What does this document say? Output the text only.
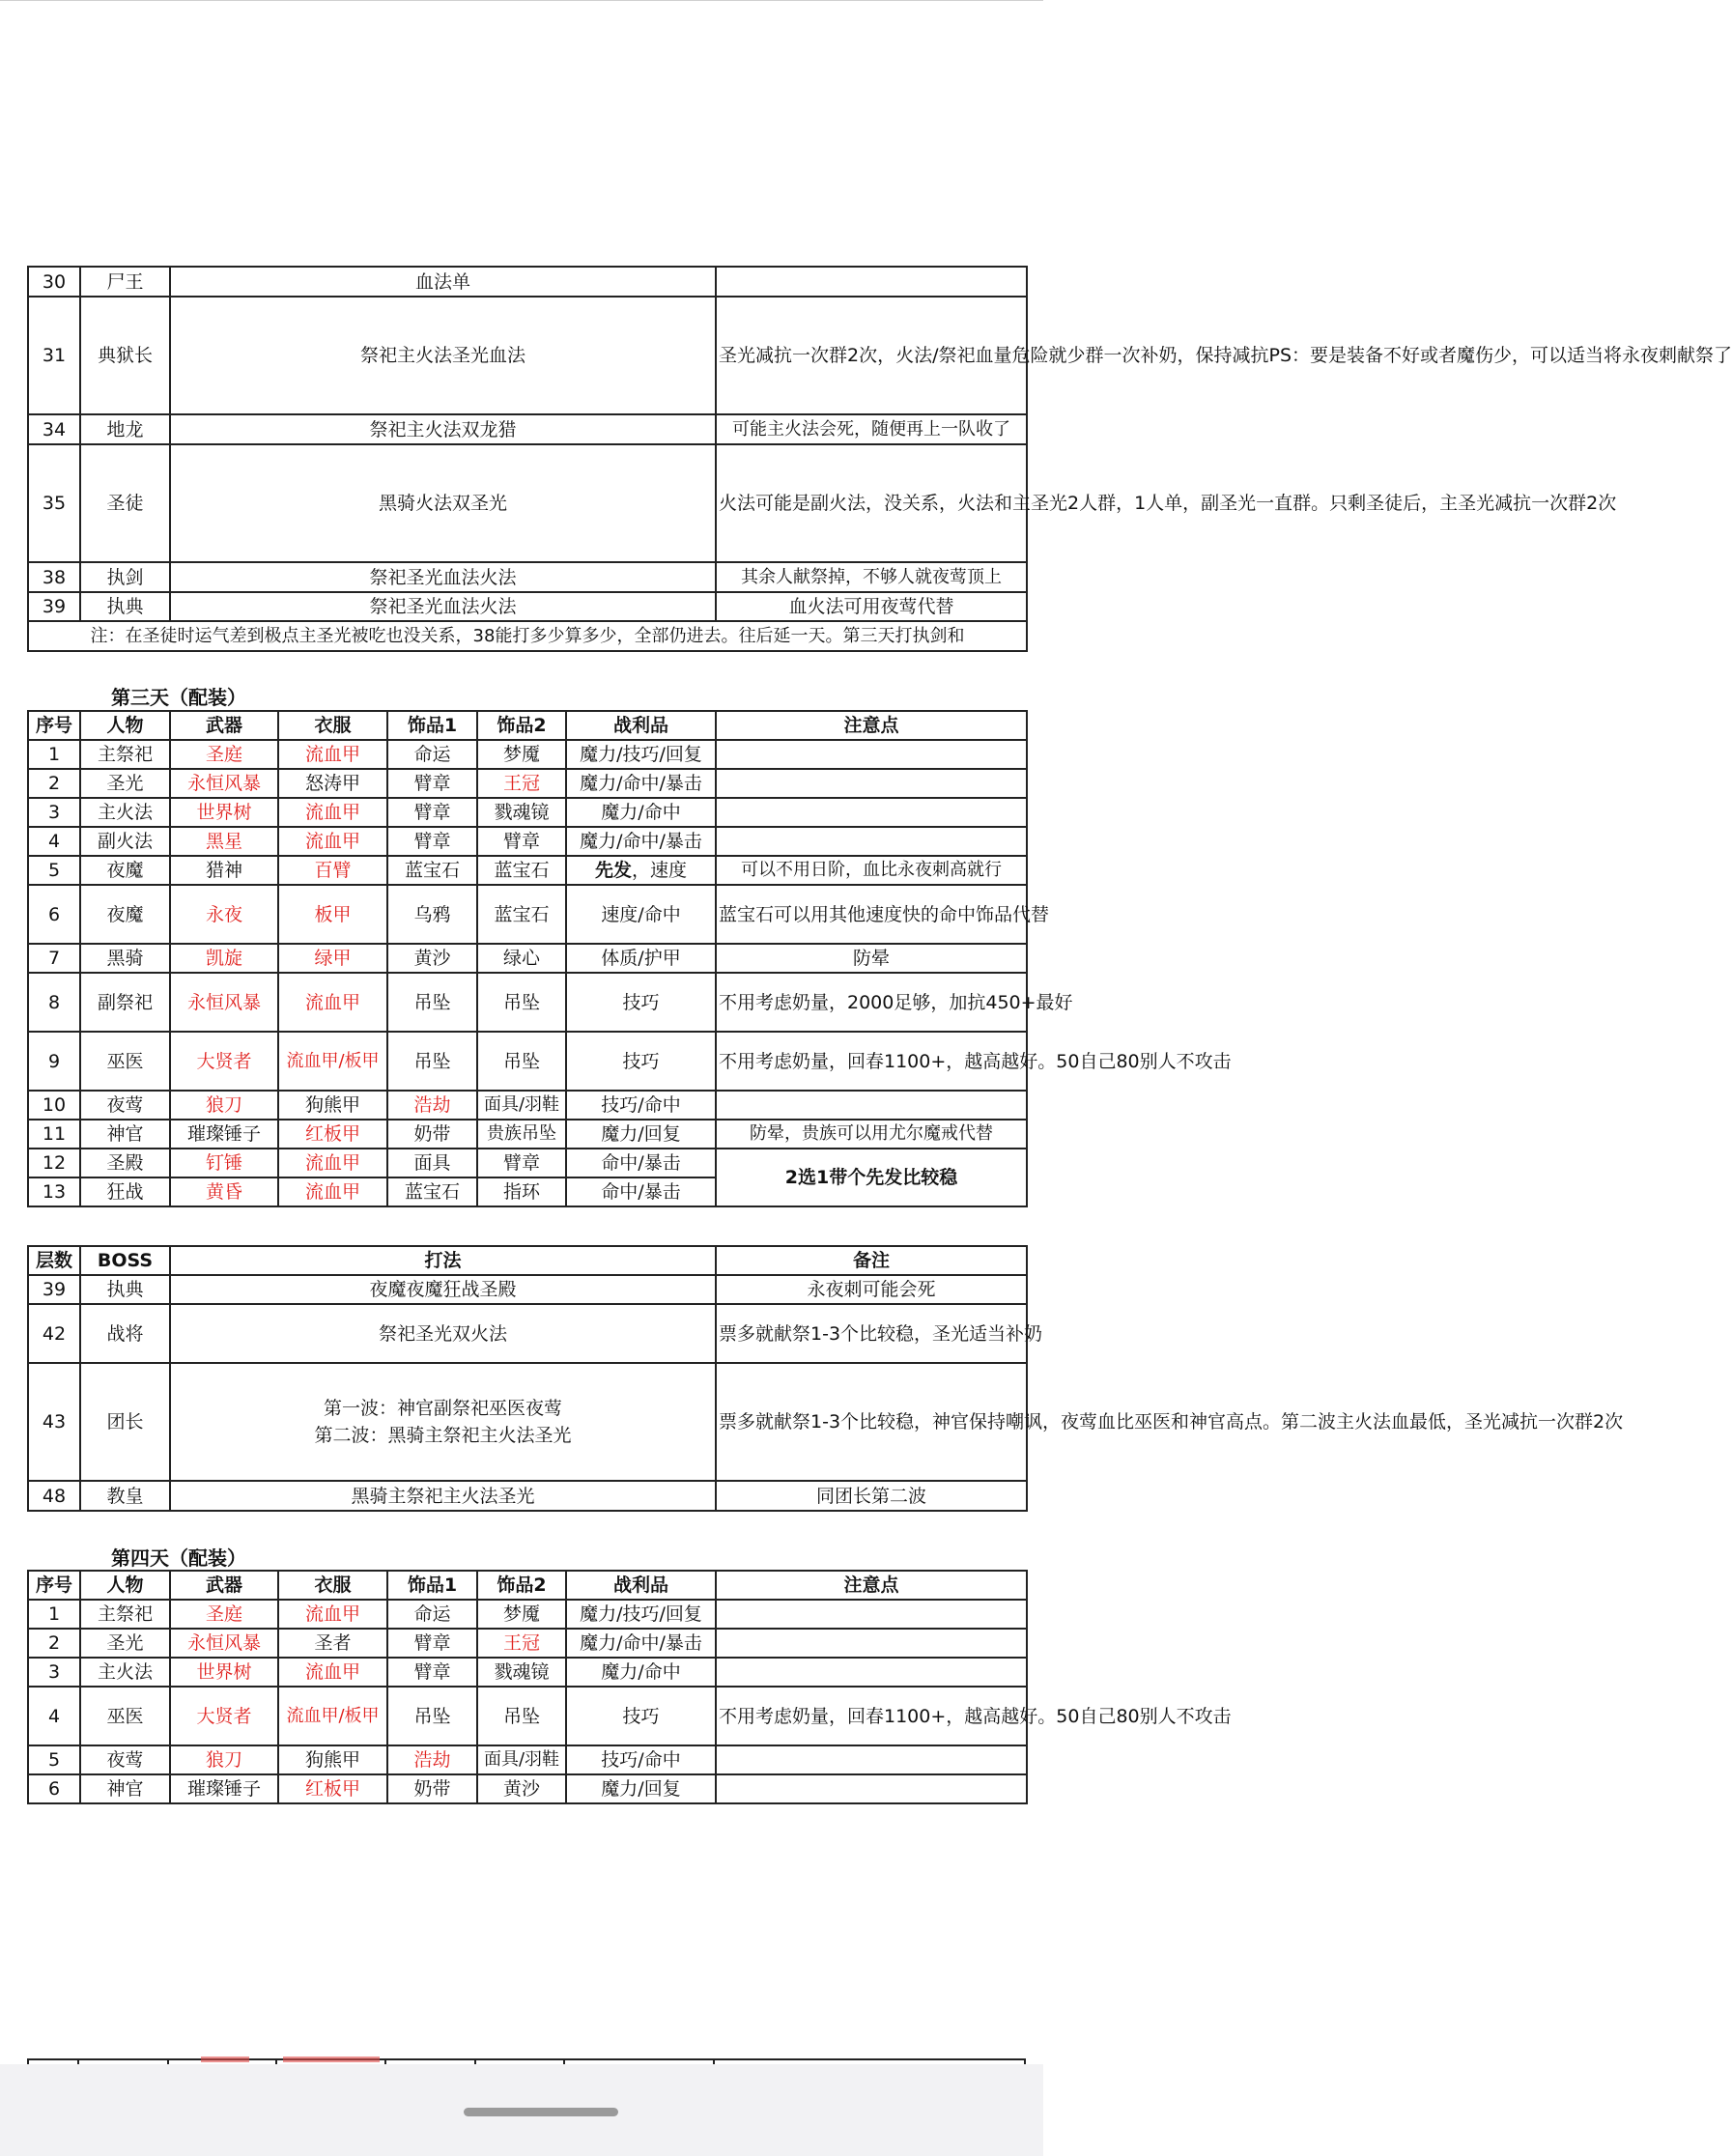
30	尸王	血法单	
31	典狱长	祭祀主火法圣光血法	圣光减抗一次群2次，火法/祭祀血量危险就少群一次补奶，保持减抗PS：要是装备不好或者魔伤少，可以适当将永夜刺献祭了
34	地龙	祭祀主火法双龙猎	可能主火法会死，随便再上一队收了
35	圣徒	黑骑火法双圣光	火法可能是副火法，没关系，火法和主圣光2人群，1人单，副圣光一直群。只剩圣徒后，主圣光减抗一次群2次
38	执剑	祭祀圣光血法火法	其余人献祭掉，不够人就夜莺顶上
39	执典	祭祀圣光血法火法	血火法可用夜莺代替
注：在圣徒时运气差到极点主圣光被吃也没关系，38能打多少算多少，全部仍进去。往后延一天。第三天打执剑和			
第三天（配装）
序号	人物	武器	衣服	饰品1	饰品2	战利品	注意点
1	主祭祀	圣庭	流血甲	命运	梦魇	魔力/技巧/回复	
2	圣光	永恒风暴	怒涛甲	臂章	王冠	魔力/命中/暴击	
3	主火法	世界树	流血甲	臂章	戮魂镜	魔力/命中	
4	副火法	黑星	流血甲	臂章	臂章	魔力/命中/暴击	
5	夜魔	猎神	百臂	蓝宝石	蓝宝石	先发，速度	可以不用日阶，血比永夜刺高就行
6	夜魔	永夜	板甲	乌鸦	蓝宝石	速度/命中	蓝宝石可以用其他速度快的命中饰品代替
7	黑骑	凯旋	绿甲	黄沙	绿心	体质/护甲	防晕
8	副祭祀	永恒风暴	流血甲	吊坠	吊坠	技巧	不用考虑奶量，2000足够，加抗450+最好
9	巫医	大贤者	流血甲/板甲	吊坠	吊坠	技巧	不用考虑奶量，回春1100+，越高越好。50自己80别人不攻击
10	夜莺	狼刀	狗熊甲	浩劫	面具/羽鞋	技巧/命中	
11	神官	璀璨锤子	红板甲	奶带	贵族吊坠	魔力/回复	防晕，贵族可以用尤尔魔戒代替
12	圣殿	钉锤	流血甲	面具	臂章	命中/暴击	2选1带个先发比较稳
13	狂战	黄昏	流血甲	蓝宝石	指环	命中/暴击	
层数	BOSS	打法	备注
39	执典	夜魔夜魔狂战圣殿	永夜刺可能会死
42	战将	祭祀圣光双火法	票多就献祭1-3个比较稳，圣光适当补奶
43	团长	第一波：神官副祭祀巫医夜莺
第二波：黑骑主祭祀主火法圣光	票多就献祭1-3个比较稳，神官保持嘲讽，夜莺血比巫医和神官高点。第二波主火法血最低，圣光减抗一次群2次
48	教皇	黑骑主祭祀主火法圣光	同团长第二波
第四天（配装）
序号	人物	武器	衣服	饰品1	饰品2	战利品	注意点
1	主祭祀	圣庭	流血甲	命运	梦魇	魔力/技巧/回复	
2	圣光	永恒风暴	圣者	臂章	王冠	魔力/命中/暴击	
3	主火法	世界树	流血甲	臂章	戮魂镜	魔力/命中	
4	巫医	大贤者	流血甲/板甲	吊坠	吊坠	技巧	不用考虑奶量，回春1100+，越高越好。50自己80别人不攻击
5	夜莺	狼刀	狗熊甲	浩劫	面具/羽鞋	技巧/命中	
6	神官	璀璨锤子	红板甲	奶带	黄沙	魔力/回复	
